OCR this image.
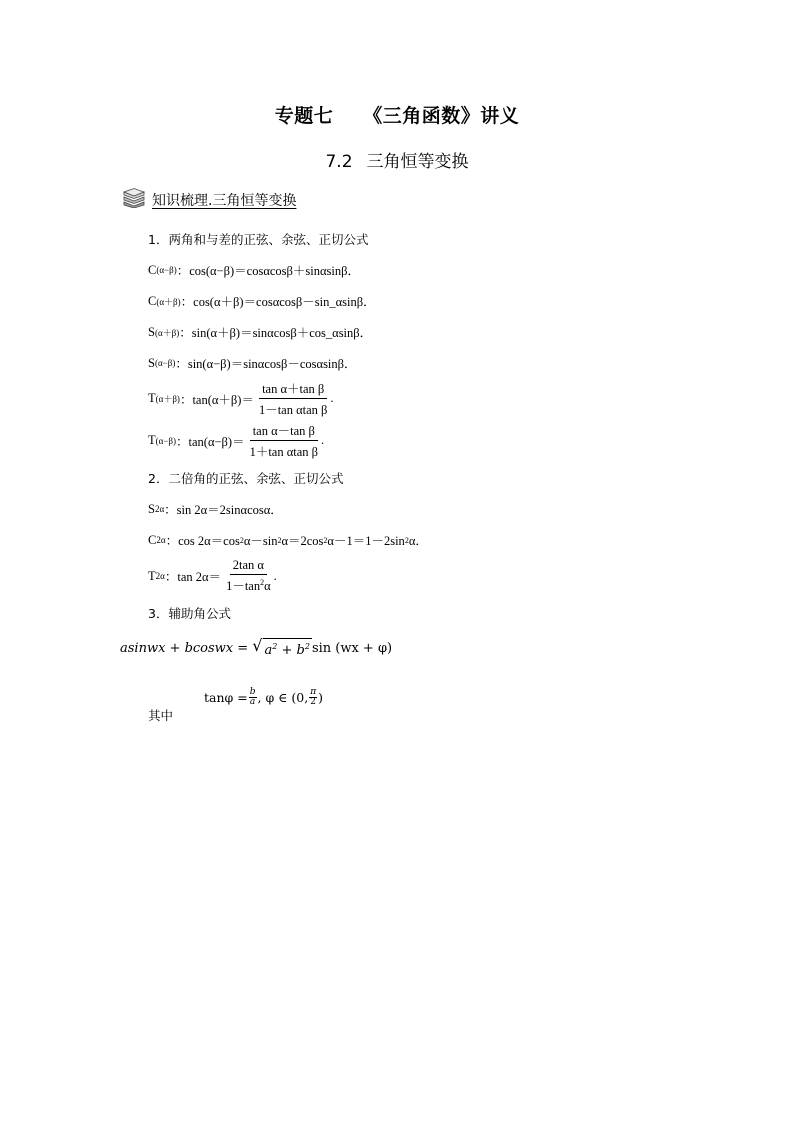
专题七 《三角函数》讲义
7.2 三角恒等变换
知识梳理.三角恒等变换
1．两角和与差的正弦、余弦、正切公式
C (α−β) ：cos(α−β)＝cosαcosβ＋sinαsinβ．
C (α＋β) ：cos(α＋β)＝cosαcosβ－sin_αsinβ．
S (α＋β) ：sin(α＋β)＝sinαcosβ＋cos_αsinβ．
S (α−β) ：sin(α−β)＝sinαcosβ－cosαsinβ．
T (α＋β) ：$\tan(\alpha+\beta)= \frac{\text{tan α＋tan β}}{\text{1－tan αtan β}}$ .
T (α−β) ：$\tan(\alpha-\beta)= \frac{\text{tan α－tan β}}{\text{1＋tan αtan β}}$ .
2．二倍角的正弦、余弦、正切公式
S 2α ：sin 2α＝2sinαcosα．
C 2α ：cos 2α＝cos 2 α－sin 2 α＝2cos 2 α－1＝1－2sin 2 α．
T 2α ：$\tan 2\alpha= \frac{\text{2tan α}}{1-\tan^2\alpha}$ .
3．辅助角公式
asinwx + bcoswx =
√ $a^2 + b^2$ sin (wx + φ)
$\tan\varphi = \frac{b}{a}$ , φ ∈ (0, $\frac{\pi}{2}$ )
其中
